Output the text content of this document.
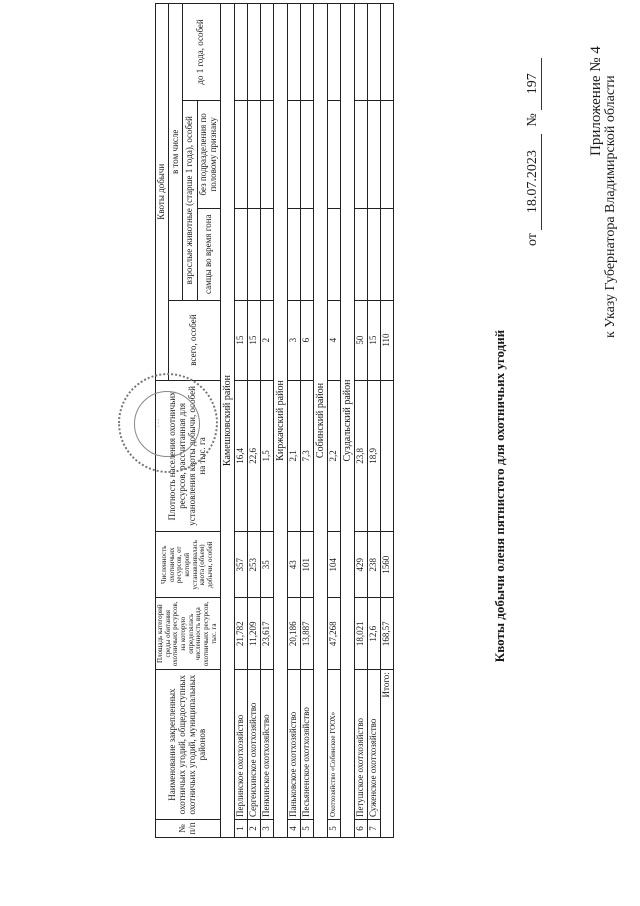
Приложение № 4 к Указу Губернатора Владимирской области
от 18.07.2023  № 197
Квоты добычи оленя пятнистого для охотничьих угодий
№ п/п	Наименование закрепленных охотничьих угодий, общедоступных охотничьих угодий, муниципальных районов	Площадь категорий среды обитания охотничьих ресурсов, на которую определялась численность вида охотничьих ресурсов, тыс. га	Численность охотничьих ресурсов, от которой устанавливалась квота (объем) добычи, особей	Плотность населения охотничьих ресурсов, рассчитанная для установления квоты добычи, особей на тыс. га	Квоты добычи			
					всего, особей	в том числе		
						взрослые животные (старше 1 года), особей		до 1 года, особей
						самцы во время гона	без подразделения по половому признаку	
Камешковский район								
1	Перлинское охотхозяйство	21,782	357	16,4	15			
2	Сергеихинское охотхозяйство	11,209	253	22,6	15			
3	Пенкинское охотхозяйство	23,617	35	1,5	2			
Киржачский район								
4	Паньковское охотхозяйство	20,186	43	2,1	3			
5	Песьяненское охотхозяйство	13,887	101	7,3	6			
Собинский район								
5	Охотхозяйство «Собинское ГООХ»	47,268	104	2,2	4			
Суздальский район								
6	Петушское охотхозяйство	18,021	429	23,8	50			
7	Суженское охотхозяйство	12,6	238	18,9	15			
Итого:		168,57	1560		110			
◦ ◦ ◦
